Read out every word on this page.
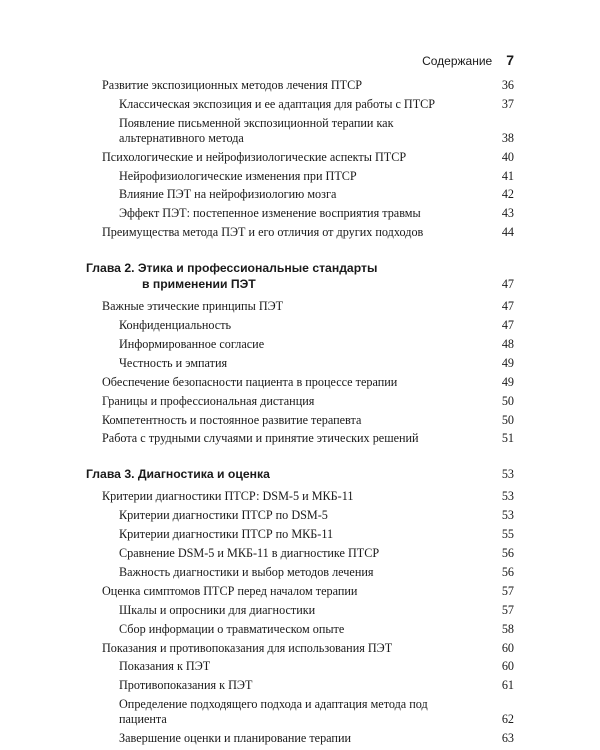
Содержание 7
Развитие экспозиционных методов лечения ПТСР	36
Классическая экспозиция и ее адаптация для работы с ПТСР	37
Появление письменной экспозиционной терапии как альтернативного метода	38
Психологические и нейрофизиологические аспекты ПТСР	40
Нейрофизиологические изменения при ПТСР	41
Влияние ПЭТ на нейрофизиологию мозга	42
Эффект ПЭТ: постепенное изменение восприятия травмы	43
Преимущества метода ПЭТ и его отличия от других подходов	44
Глава 2. Этика и профессиональные стандарты
в применении ПЭТ	47
Важные этические принципы ПЭТ	47
Конфиденциальность	47
Информированное согласие	48
Честность и эмпатия	49
Обеспечение безопасности пациента в процессе терапии	49
Границы и профессиональная дистанция	50
Компетентность и постоянное развитие терапевта	50
Работа с трудными случаями и принятие этических решений	51
Глава 3. Диагностика и оценка	53
Критерии диагностики ПТСР: DSM-5 и МКБ-11	53
Критерии диагностики ПТСР по DSM-5	53
Критерии диагностики ПТСР по МКБ-11	55
Сравнение DSM-5 и МКБ-11 в диагностике ПТСР	56
Важность диагностики и выбор методов лечения	56
Оценка симптомов ПТСР перед началом терапии	57
Шкалы и опросники для диагностики	57
Сбор информации о травматическом опыте	58
Показания и противопоказания для использования ПЭТ	60
Показания к ПЭТ	60
Противопоказания к ПЭТ	61
Определение подходящего подхода и адаптация метода под пациента	62
Завершение оценки и планирование терапии	63
